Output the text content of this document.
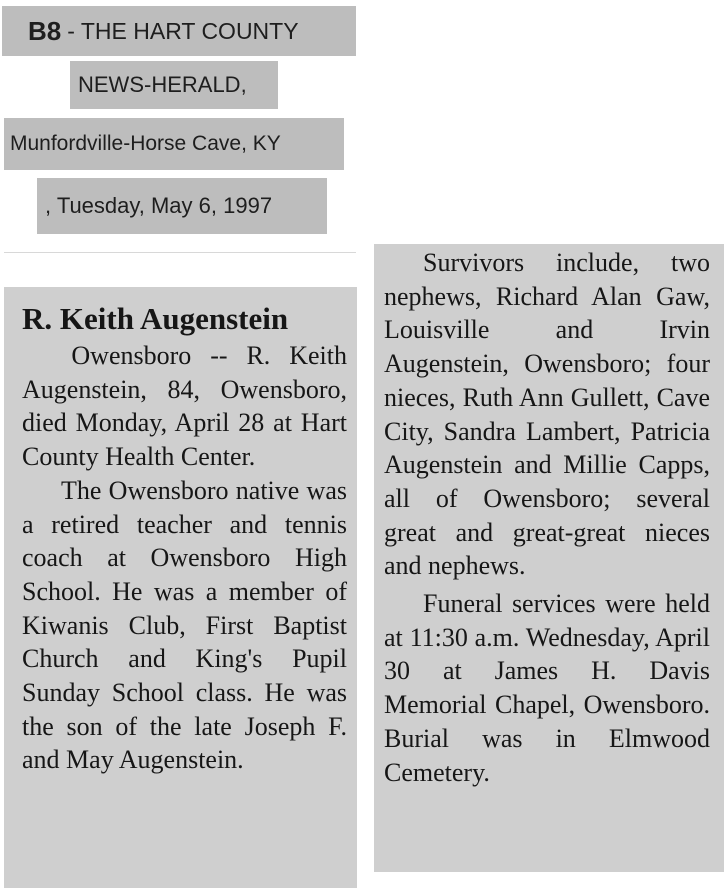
B8 - THE HART COUNTY
NEWS-HERALD,
Munfordville-Horse Cave, KY
, Tuesday, May 6, 1997
R. Keith Augenstein

Owensboro -- R. Keith Augenstein, 84, Owensboro, died Monday, April 28 at Hart County Health Center.

The Owensboro native was a retired teacher and tennis coach at Owensboro High School. He was a member of Kiwanis Club, First Baptist Church and King's Pupil Sunday School class. He was the son of the late Joseph F. and May Augenstein.

Survivors include, two nephews, Richard Alan Gaw, Louisville and Irvin Augenstein, Owensboro; four nieces, Ruth Ann Gullett, Cave City, Sandra Lambert, Patricia Augenstein and Millie Capps, all of Owensboro; several great and great-great nieces and nephews.

Funeral services were held at 11:30 a.m. Wednesday, April 30 at James H. Davis Memorial Chapel, Owensboro. Burial was in Elmwood Cemetery.
